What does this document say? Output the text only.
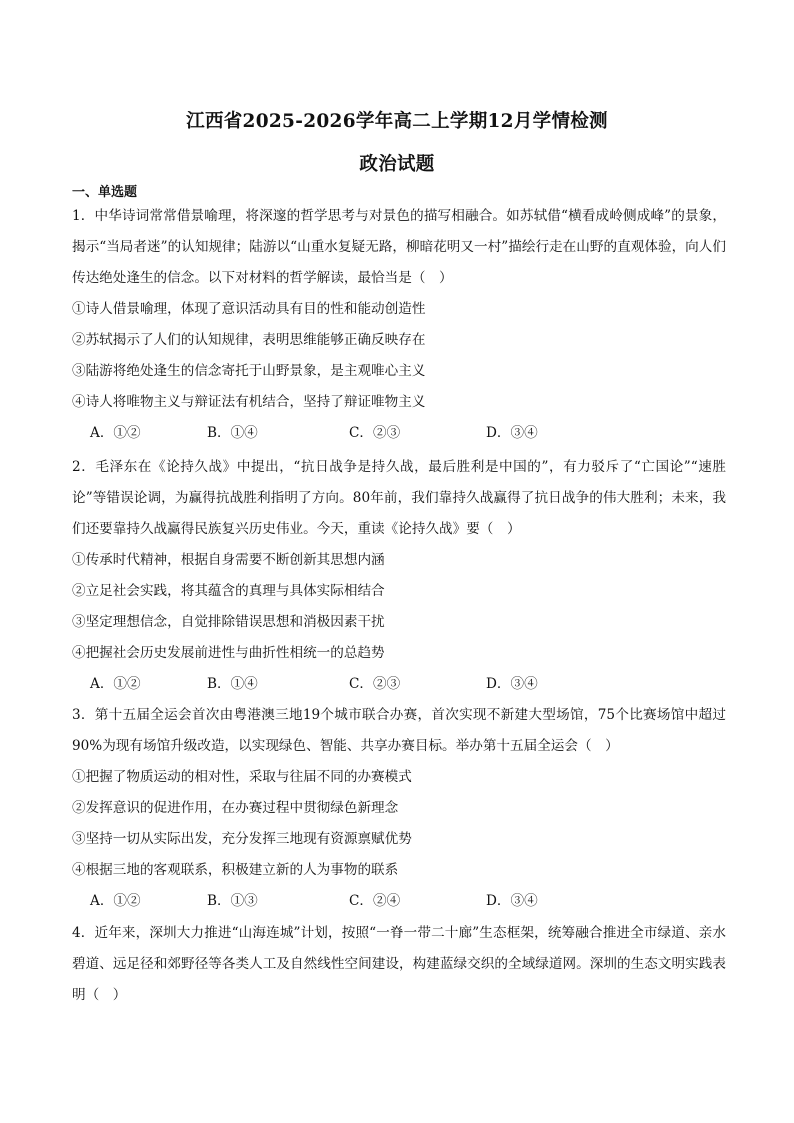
江西省2025-2026学年高二上学期12月学情检测
政治试题
一、单选题
1．中华诗词常常借景喻理，将深邃的哲学思考与对景色的描写相融合。如苏轼借“横看成岭侧成峰”的景象，揭示“当局者迷”的认知规律；陆游以“山重水复疑无路，柳暗花明又一村”描绘行走在山野的直观体验，向人们传达绝处逢生的信念。以下对材料的哲学解读，最恰当是（　）
①诗人借景喻理，体现了意识活动具有目的性和能动创造性
②苏轼揭示了人们的认知规律，表明思维能够正确反映存在
③陆游将绝处逢生的信念寄托于山野景象，是主观唯心主义
④诗人将唯物主义与辩证法有机结合，坚持了辩证唯物主义
A．①②	B．①④	C．②③	D．③④
2．毛泽东在《论持久战》中提出，“抗日战争是持久战，最后胜利是中国的”，有力驳斥了“亡国论”“速胜论”等错误论调，为赢得抗战胜利指明了方向。80年前，我们靠持久战赢得了抗日战争的伟大胜利；未来，我们还要靠持久战赢得民族复兴历史伟业。今天，重读《论持久战》要（　）
①传承时代精神，根据自身需要不断创新其思想内涵
②立足社会实践，将其蕴含的真理与具体实际相结合
③坚定理想信念，自觉排除错误思想和消极因素干扰
④把握社会历史发展前进性与曲折性相统一的总趋势
A．①②	B．①④	C．②③	D．③④
3．第十五届全运会首次由粤港澳三地19个城市联合办赛，首次实现不新建大型场馆，75个比赛场馆中超过90%为现有场馆升级改造，以实现绿色、智能、共享办赛目标。举办第十五届全运会（　）
①把握了物质运动的相对性，采取与往届不同的办赛模式
②发挥意识的促进作用，在办赛过程中贯彻绿色新理念
③坚持一切从实际出发，充分发挥三地现有资源禀赋优势
④根据三地的客观联系，积极建立新的人为事物的联系
A．①②	B．①③	C．②④	D．③④
4．近年来，深圳大力推进“山海连城”计划，按照“一脊一带二十廊”生态框架，统筹融合推进全市绿道、亲水碧道、远足径和郊野径等各类人工及自然线性空间建设，构建蓝绿交织的全域绿道网。深圳的生态文明实践表明（　）
